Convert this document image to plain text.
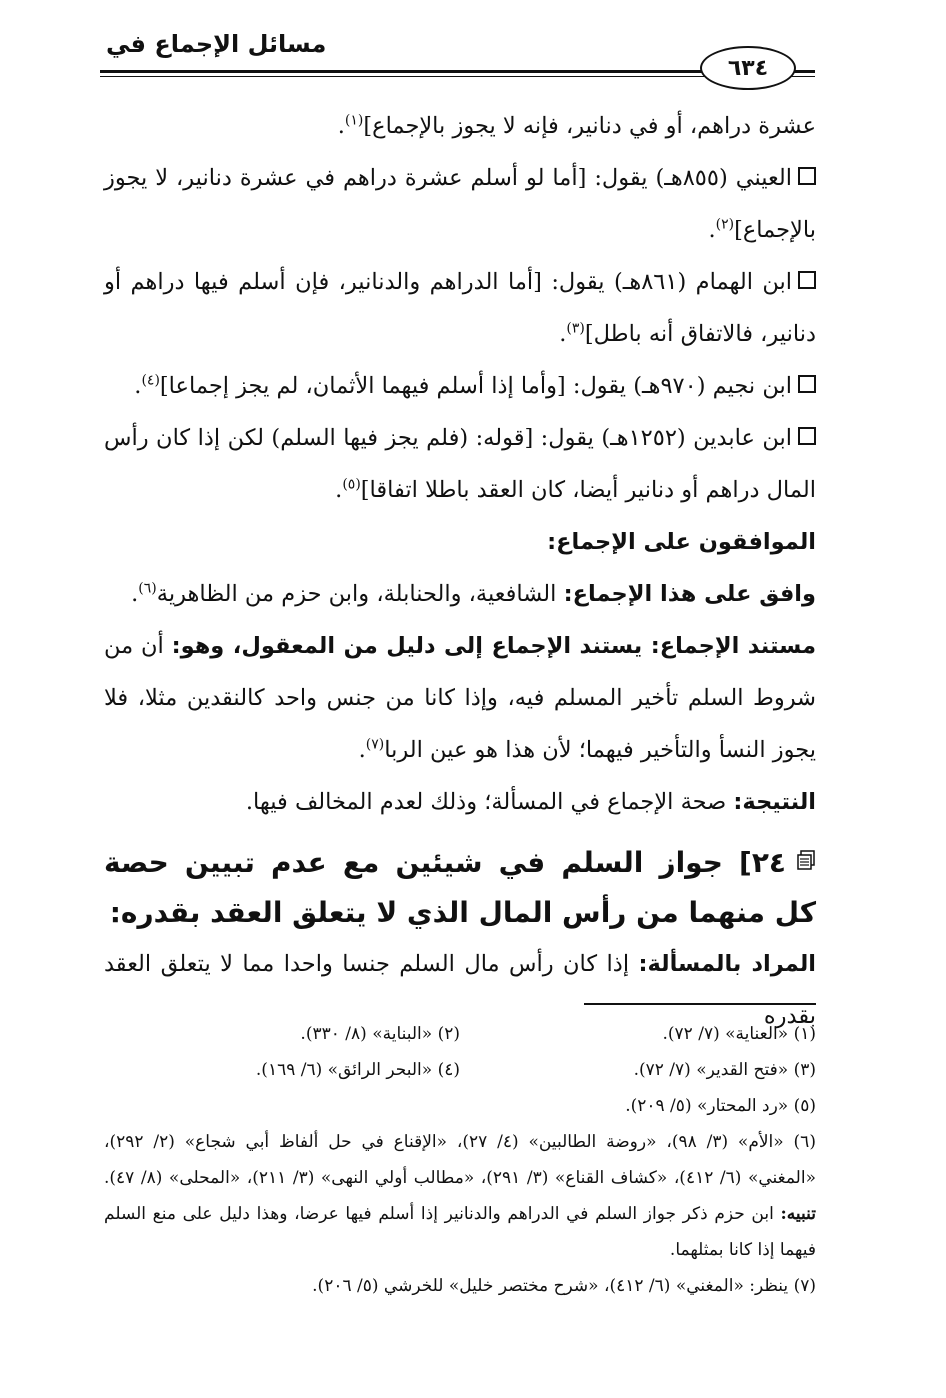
مسائل الإجماع في
٦٣٤

عشرة دراهم، أو في دنانير، فإنه لا يجوز بالإجماع]$^{(١)}$.

العيني (٨٥٥هـ) يقول: [أما لو أسلم عشرة دراهم في عشرة دنانير، لا يجوز بالإجماع]$^{(٢)}$.

ابن الهمام (٨٦١هـ) يقول: [أما الدراهم والدنانير، فإن أسلم فيها دراهم أو دنانير، فالاتفاق أنه باطل]$^{(٣)}$.

ابن نجيم (٩٧٠هـ) يقول: [وأما إذا أسلم فيهما الأثمان، لم يجز إجماعا]$^{(٤)}$.

ابن عابدين (١٢٥٢هـ) يقول: [قوله: (فلم يجز فيها السلم) لكن إذا كان رأس المال دراهم أو دنانير أيضا، كان العقد باطلا اتفاقا]$^{(٥)}$.

الموافقون على الإجماع:

وافق على هذا الإجماع: الشافعية، والحنابلة، وابن حزم من الظاهرية$^{(٦)}$.

مستند الإجماع: يستند الإجماع إلى دليل من المعقول، وهو: أن من شروط السلم تأخير المسلم فيه، وإذا كانا من جنس واحد كالنقدين مثلا، فلا يجوز النسأ والتأخير فيهما؛ لأن هذا هو عين الربا$^{(٧)}$.

النتيجة: صحة الإجماع في المسألة؛ وذلك لعدم المخالف فيها.

٢٤] جواز السلم في شيئين مع عدم تبيين حصة كل منهما من رأس المال الذي لا يتعلق العقد بقدره:

المراد بالمسألة: إذا كان رأس مال السلم جنسا واحدا مما لا يتعلق العقد بقدره

(١) «العناية» (٧/ ٧٢).
(٢) «البناية» (٨/ ٣٣٠).
(٣) «فتح القدير» (٧/ ٧٢).
(٤) «البحر الرائق» (٦/ ١٦٩).

(٥) «رد المحتار» (٥/ ٢٠٩).

(٦) «الأم» (٣/ ٩٨)، «روضة الطالبين» (٤/ ٢٧)، «الإقناع في حل ألفاظ أبي شجاع» (٢/ ٢٩٢)، «المغني» (٦/ ٤١٢)، «كشاف القناع» (٣/ ٢٩١)، «مطالب أولي النهى» (٣/ ٢١١)، «المحلى» (٨/ ٤٧). تنبيه: ابن حزم ذكر جواز السلم في الدراهم والدنانير إذا أسلم فيها عرضا، وهذا دليل على منع السلم فيهما إذا كانا بمثلهما.

(٧) ينظر: «المغني» (٦/ ٤١٢)، «شرح مختصر خليل» للخرشي (٥/ ٢٠٦).
